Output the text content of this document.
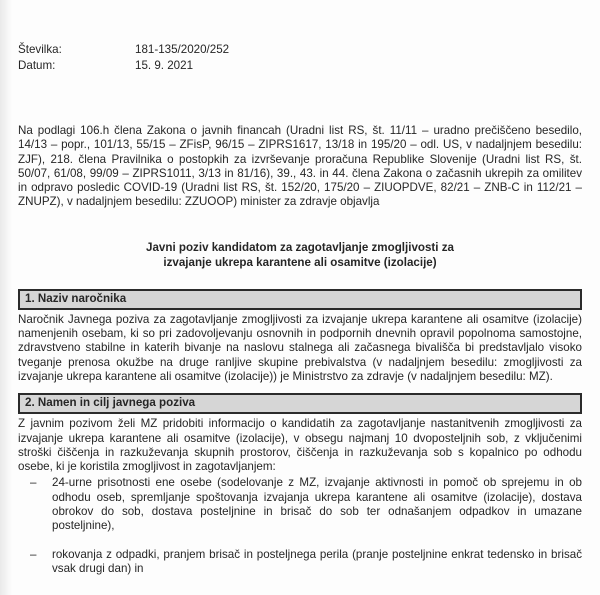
Številka:	181-135/2020/252
Datum:	15. 9. 2021

Na podlagi 106.h člena Zakona o javnih financah (Uradni list RS, št. 11/11 – uradno prečiščeno besedilo, 14/13 – popr., 101/13, 55/15 – ZFisP, 96/15 – ZIPRS1617, 13/18 in 195/20 – odl. US, v nadaljnjem besedilu: ZJF), 218. člena Pravilnika o postopkih za izvrševanje proračuna Republike Slovenije (Uradni list RS, št. 50/07, 61/08, 99/09 – ZIPRS1011, 3/13 in 81/16), 39., 43. in 44. člena Zakona o začasnih ukrepih za omilitev in odpravo posledic COVID-19 (Uradni list RS, št. 152/20, 175/20 – ZIUOPDVE, 82/21 – ZNB-C in 112/21 – ZNUPZ), v nadaljnjem besedilu: ZZUOOP) minister za zdravje objavlja

Javni poziv kandidatom za zagotavljanje zmogljivosti za
izvajanje ukrepa karantene ali osamitve (izolacije)
1. Naziv naročnika

Naročnik Javnega poziva za zagotavljanje zmogljivosti za izvajanje ukrepa karantene ali osamitve (izolacije) namenjenih osebam, ki so pri zadovoljevanju osnovnih in podpornih dnevnih opravil popolnoma samostojne, zdravstveno stabilne in katerih bivanje na naslovu stalnega ali začasnega bivališča bi predstavljalo visoko tveganje prenosa okužbe na druge ranljive skupine prebivalstva (v nadaljnjem besedilu: zmogljivosti za izvajanje ukrepa karantene ali osamitve (izolacije)) je Ministrstvo za zdravje (v nadaljnjem besedilu: MZ).

2. Namen in cilj javnega poziva

Z javnim pozivom želi MZ pridobiti informacijo o kandidatih za zagotavljanje nastanitvenih zmogljivosti za izvajanje ukrepa karantene ali osamitve (izolacije), v obsegu najmanj 10 dvoposteljnih sob, z vključenimi stroški čiščenja in razkuževanja skupnih prostorov, čiščenja in razkuževanja sob s kopalnico po odhodu osebe, ki je koristila zmogljivost in zagotavljanjem:

–	24-urne prisotnosti ene osebe (sodelovanje z MZ, izvajanje aktivnosti in pomoč ob sprejemu in ob odhodu oseb, spremljanje spoštovanja izvajanja ukrepa karantene ali osamitve (izolacije), dostava obrokov do sob, dostava posteljnine in brisač do sob ter odnašanjem odpadkov in umazane posteljnine),
–	rokovanja z odpadki, pranjem brisač in posteljnega perila (pranje posteljnine enkrat tedensko in brisač vsak drugi dan) in
